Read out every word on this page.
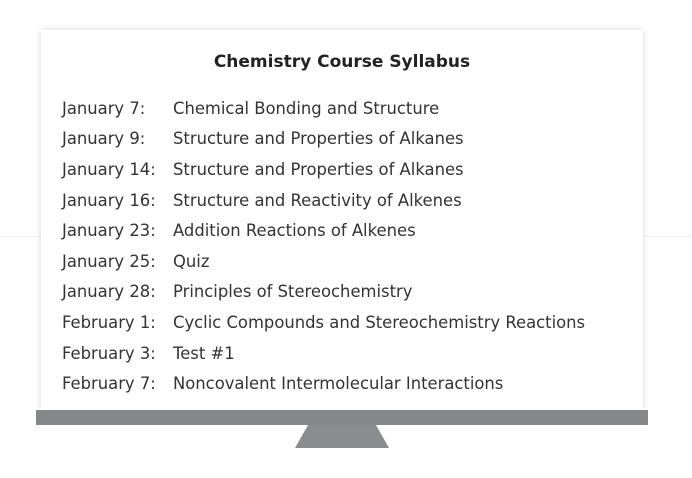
Chemistry Course Syllabus
January 7:	Chemical Bonding and Structure
January 9:	Structure and Properties of Alkanes
January 14:	Structure and Properties of Alkanes
January 16:	Structure and Reactivity of Alkenes
January 23:	Addition Reactions of Alkenes
January 25:	Quiz
January 28:	Principles of Stereochemistry
February 1:	Cyclic Compounds and Stereochemistry Reactions
February 3:	Test #1
February 7:	Noncovalent Intermolecular Interactions
